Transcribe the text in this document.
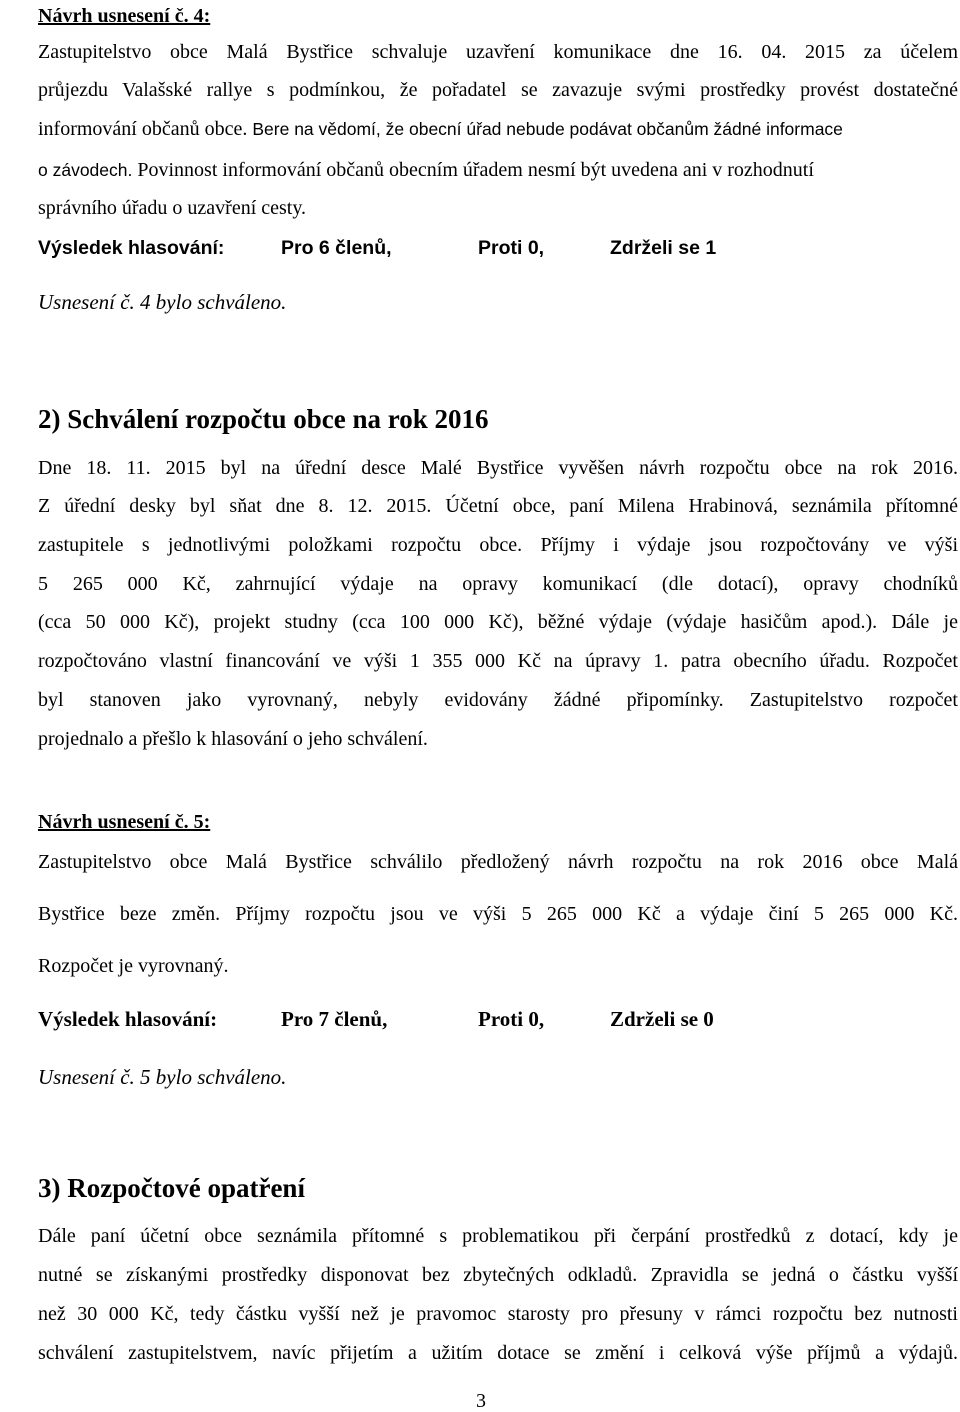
Návrh usnesení č. 4:
Zastupitelstvo obce Malá Bystřice schvaluje uzavření komunikace dne 16. 04. 2015 za účelem
průjezdu Valašské rallye s podmínkou, že pořadatel se zavazuje svými prostředky provést dostatečné
informování občanů obce. Bere na vědomí, že obecní úřad nebude podávat občanům žádné informace
o závodech. Povinnost informování občanů obecním úřadem nesmí být uvedena ani v rozhodnutí
správního úřadu o uzavření cesty.
Výsledek hlasování:	Pro 6 členů,	Proti 0,	Zdrželi se 1
Usnesení č. 4 bylo schváleno.
2) Schválení rozpočtu obce na rok 2016
Dne 18. 11. 2015 byl na úřední desce Malé Bystřice vyvěšen návrh rozpočtu obce na rok 2016.
Z úřední desky byl sňat dne 8. 12. 2015. Účetní obce, paní Milena Hrabinová, seznámila přítomné
zastupitele s jednotlivými položkami rozpočtu obce. Příjmy i výdaje jsou rozpočtovány ve výši
5 265 000 Kč, zahrnující výdaje na opravy komunikací (dle dotací), opravy chodníků
(cca 50 000 Kč), projekt studny (cca 100 000 Kč), běžné výdaje (výdaje hasičům apod.). Dále je
rozpočtováno vlastní financování ve výši 1 355 000 Kč na úpravy 1. patra obecního úřadu. Rozpočet
byl stanoven jako vyrovnaný, nebyly evidovány žádné připomínky. Zastupitelstvo rozpočet
projednalo a přešlo k hlasování o jeho schválení.
Návrh usnesení č. 5:
Zastupitelstvo obce Malá Bystřice schválilo předložený návrh rozpočtu na rok 2016 obce Malá
Bystřice beze změn. Příjmy rozpočtu jsou ve výši 5 265 000 Kč a výdaje činí 5 265 000 Kč.
Rozpočet je vyrovnaný.
Výsledek hlasování:	Pro 7 členů,	Proti 0,	Zdrželi se 0
Usnesení č. 5 bylo schváleno.
3) Rozpočtové opatření
Dále paní účetní obce seznámila přítomné s problematikou při čerpání prostředků z dotací, kdy je
nutné se získanými prostředky disponovat bez zbytečných odkladů. Zpravidla se jedná o částku vyšší
než 30 000 Kč, tedy částku vyšší než je pravomoc starosty pro přesuny v rámci rozpočtu bez nutnosti
schválení zastupitelstvem, navíc přijetím a užitím dotace se změní i celková výše příjmů a výdajů.
3
